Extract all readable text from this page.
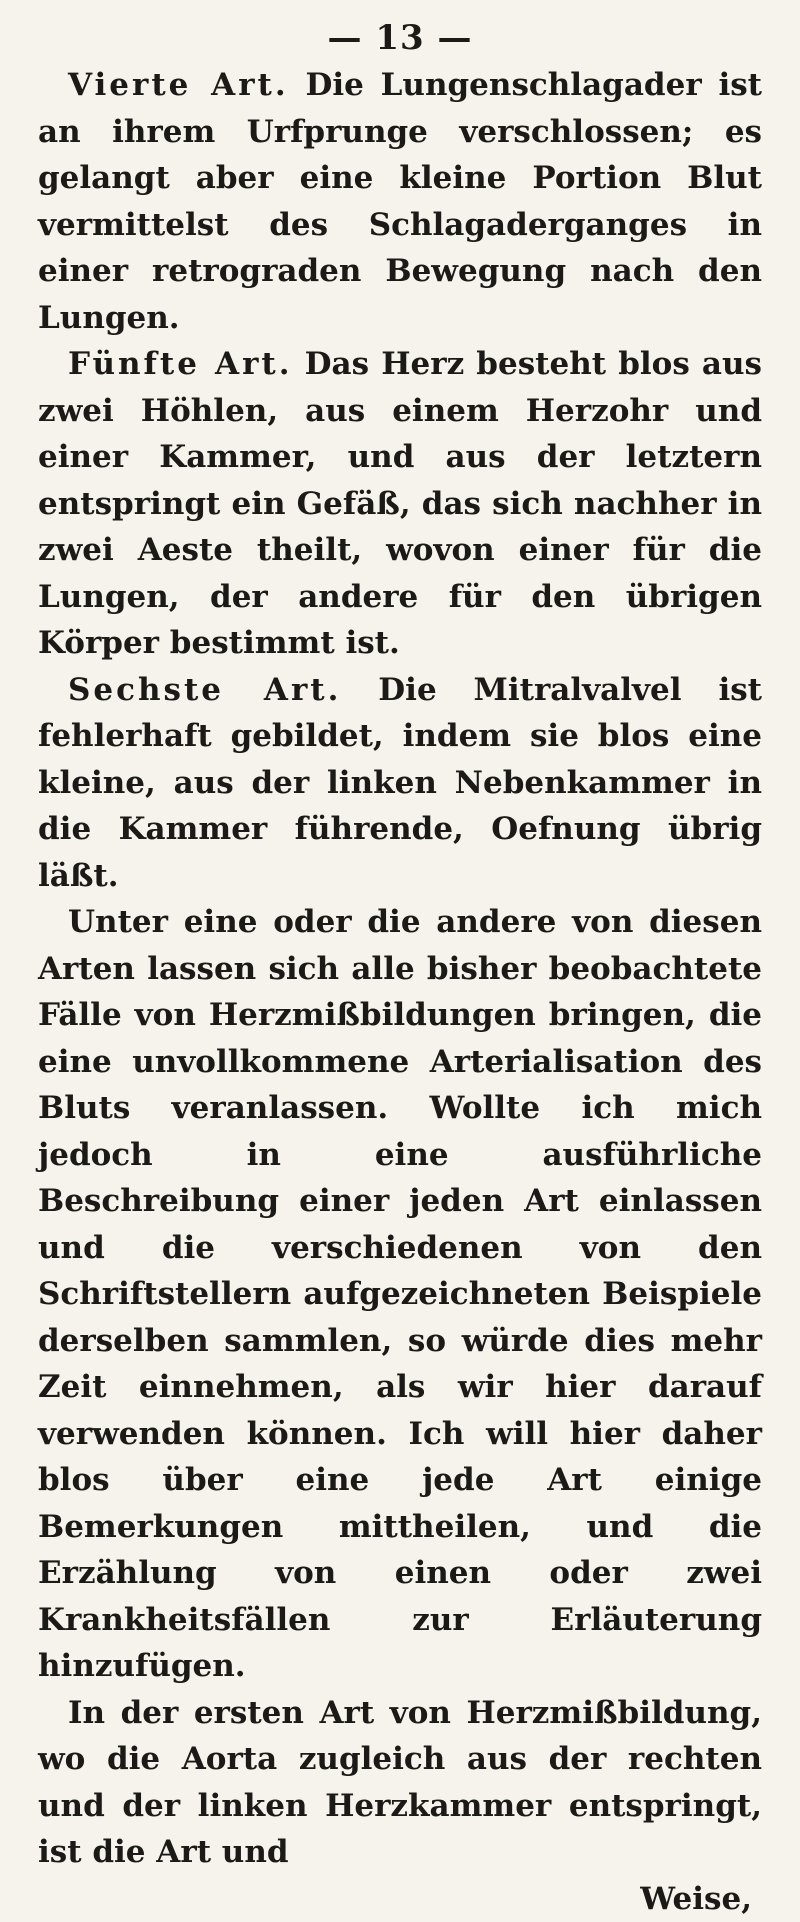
— 13 —

Vierte Art. Die Lungenschlagader ist an ihrem Urfprunge verschlossen; es gelangt aber eine kleine Portion Blut vermittelst des Schlagaderganges in einer retrograden Bewegung nach den Lungen.

Fünfte Art. Das Herz besteht blos aus zwei Höhlen, aus einem Herzohr und einer Kammer, und aus der letztern entspringt ein Gefäß, das sich nachher in zwei Aeste theilt, wovon einer für die Lungen, der andere für den übrigen Körper bestimmt ist.

Sechste Art. Die Mitralvalvel ist fehlerhaft gebildet, indem sie blos eine kleine, aus der linken Nebenkammer in die Kammer führende, Oefnung übrig läßt.

Unter eine oder die andere von diesen Arten lassen sich alle bisher beobachtete Fälle von Herzmißbildungen bringen, die eine unvollkommene Arterialisation des Bluts veranlassen. Wollte ich mich jedoch in eine ausführliche Beschreibung einer jeden Art einlassen und die verschiedenen von den Schriftstellern aufgezeichneten Beispiele derselben sammlen, so würde dies mehr Zeit einnehmen, als wir hier darauf verwenden können. Ich will hier daher blos über eine jede Art einige Bemerkungen mittheilen, und die Erzählung von einen oder zwei Krankheitsfällen zur Erläuterung hinzufügen.

In der ersten Art von Herzmißbildung, wo die Aorta zugleich aus der rechten und der linken Herzkammer entspringt, ist die Art und

Weise,
